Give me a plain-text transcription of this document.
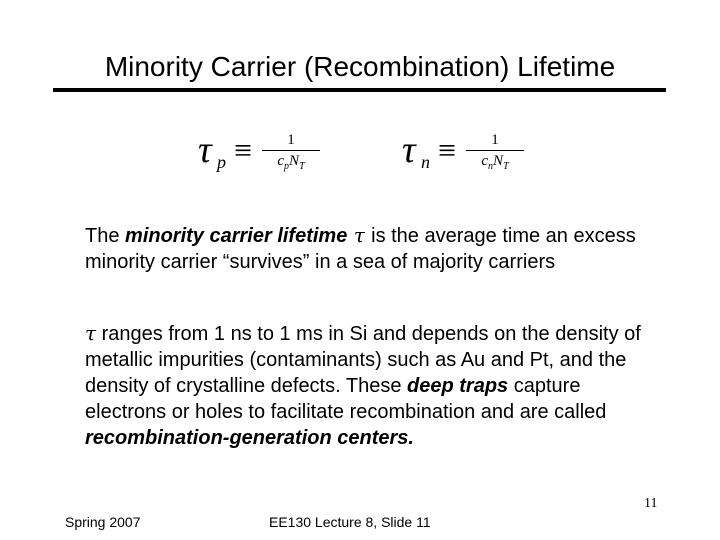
Minority Carrier (Recombination) Lifetime
τ p ≡	1
$c_pN_T$	τ n ≡	1
$c_nN_T$
The minority carrier lifetime τ is the average time an excess minority carrier “survives” in a sea of majority carriers
τ ranges from 1 ns to 1 ms in Si and depends on the density of metallic impurities (contaminants) such as Au and Pt, and the density of crystalline defects. These deep traps capture electrons or holes to facilitate recombination and are called recombination-generation centers.
11
Spring 2007	EE130 Lecture 8, Slide 11
